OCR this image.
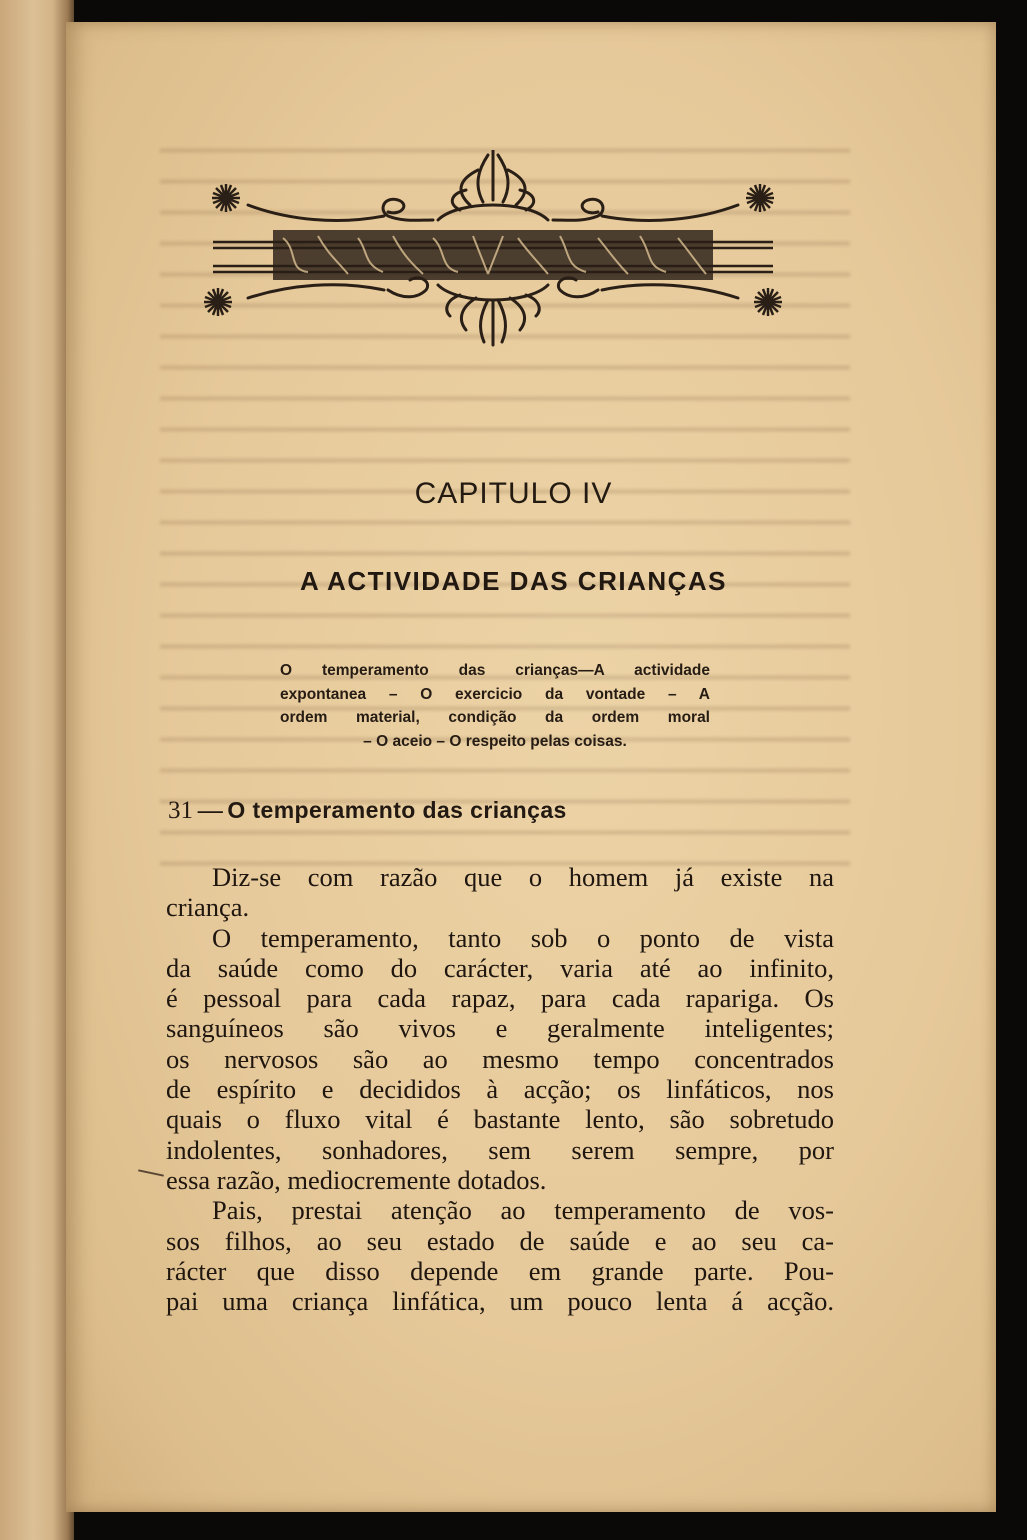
CAPITULO IV
A ACTIVIDADE DAS CRIANÇAS

O temperamento das crianças—A actividade
expontanea – O exercicio da vontade – A
ordem material, condição da ordem moral
– O aceio – O respeito pelas coisas.

31 — O temperamento das crianças
Diz-se com razão que o homem já existe na
criança.
O temperamento, tanto sob o ponto de vista
da saúde como do carácter, varia até ao infinito,
é pessoal para cada rapaz, para cada rapariga. Os
sanguíneos são vivos e geralmente inteligentes;
os nervosos são ao mesmo tempo concentrados
de espírito e decididos à acção; os linfáticos, nos
quais o fluxo vital é bastante lento, são sobretudo
indolentes, sonhadores, sem serem sempre, por
essa razão, mediocremente dotados.
Pais, prestai atenção ao temperamento de vos-
sos filhos, ao seu estado de saúde e ao seu ca-
rácter que disso depende em grande parte. Pou-
pai uma criança linfática, um pouco lenta á acção.
